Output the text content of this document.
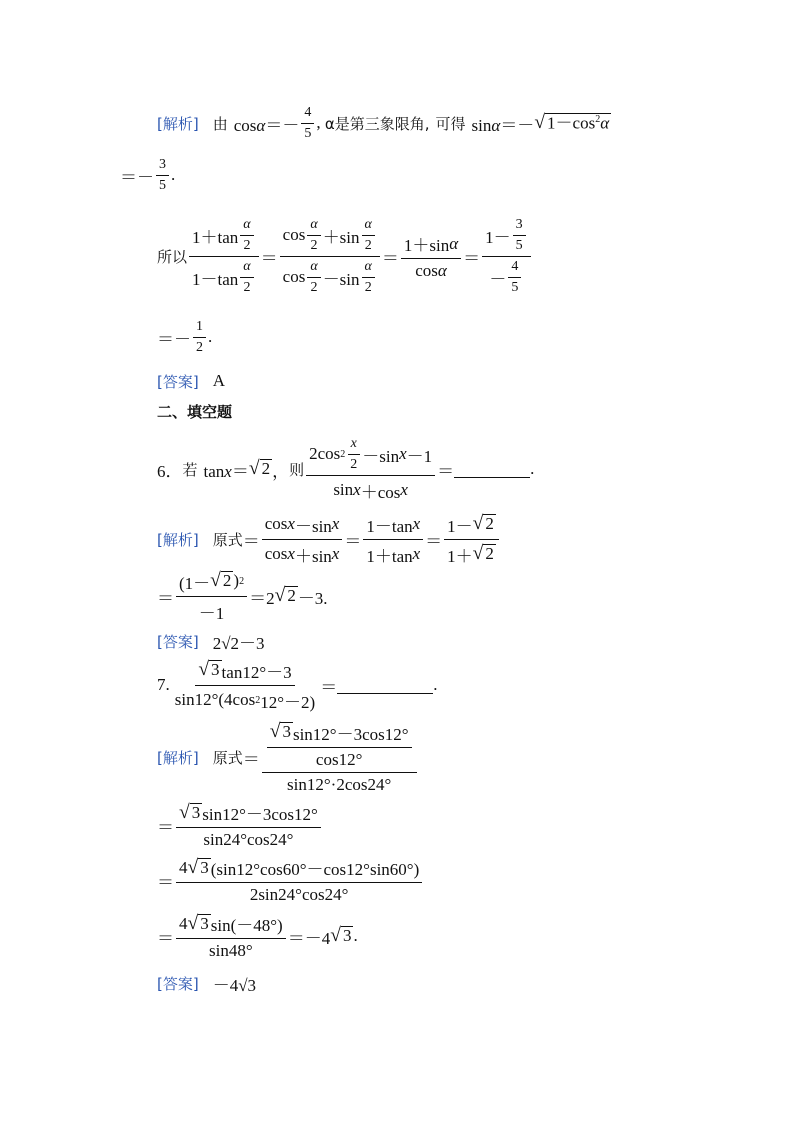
[解析] 由 $\cos\alpha=- \frac{4}{5}$ , α是第三象限角, 可得 sinα＝－ √ $1-\cos^2\alpha$
＝－ $\frac{3}{5}$ .
所以 $\frac{1+\tan \frac{\alpha}{2}}{1-\tan \frac{\alpha}{2}} = \frac{\cos \frac{\alpha}{2} +\sin \frac{\alpha}{2}}{\cos \frac{\alpha}{2} -\sin \frac{\alpha}{2}} = \frac{\text{1＋sin α}}{\text{cos α}} = \frac{1- \frac{3}{5}}{- \frac{4}{5}}$
＝－ $\frac{1}{2}$ .
[答案] A
二、填空题
6． 若 tanx＝ √ 2 ， 则 $\frac{2\cos 2 \frac{x}{2} -\sin x -1}{\text{sin x ＋cos x}}$ ＝	.
[解析] 原式 ＝ $\frac{\text{cos x －sin x}}{\text{cos x ＋sin x}} = \frac{\text{1－tan x}}{\text{1＋tan x}} = \frac{1- √ 2}{1+ √ 2}$
＝ $\frac{(1- √ 2 ) 2}{-1} =2$ √ 2 －3.
[答案] 2√2－3
7. $\frac{√ 3 \tan 12^\circ-3}{\sin 12^\circ(4\cos 2 12^\circ-2)}$ ＝	.
[解析] 原式 ＝ $\frac{\frac{√ 3 \sin 12^\circ-3\cos 12^\circ}{\cos 12^\circ}}{\sin 12^\circ\cdot 2\cos 24^\circ}$
＝ $\frac{√ 3 \sin 12^\circ-3\cos 12^\circ}{\sin 24^\circ\cos 24^\circ}$
＝ $\frac{4 √ 3 (\sin 12^\circ\cos 60^\circ-\cos 12^\circ\sin 60^\circ)}{2\sin 24^\circ\cos 24^\circ}$
＝ $\frac{4 √ 3 \sin(-48^\circ)}{\sin 48^\circ} =-4$ √ 3 .
[答案] －4√3
